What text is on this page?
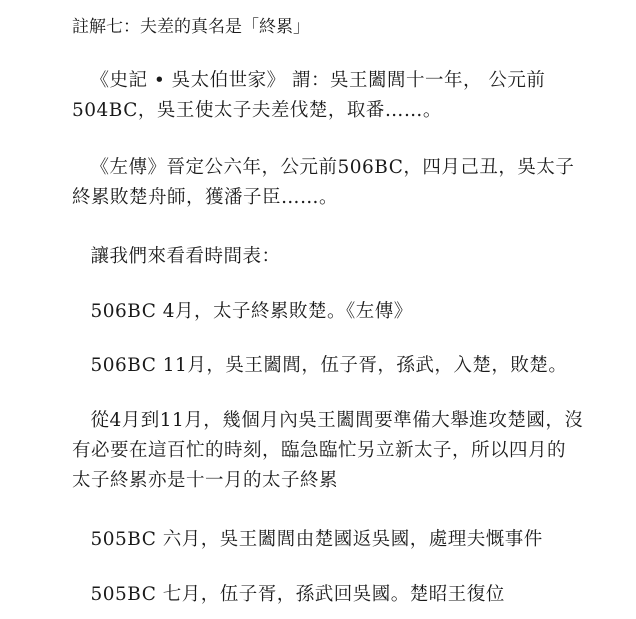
註解七：夫差的真名是「終累」
《史記 • 吳太伯世家》 謂：吳王闔閭十一年， 公元前
504BC，吳王使太子夫差伐楚，取番……。
《左傳》晉定公六年，公元前506BC，四月己丑，吳太子
終累敗楚舟師，獲潘子臣……。
讓我們來看看時間表：
506BC 4月，太子終累敗楚。《左傳》
506BC 11月，吳王闔閭，伍子胥，孫武，入楚，敗楚。
從4月到11月，幾個月內吳王闔閭要準備大舉進攻楚國，沒
有必要在這百忙的時刻，臨急臨忙另立新太子，所以四月的
太子終累亦是十一月的太子終累
505BC 六月，吳王闔閭由楚國返吳國，處理夫慨事件
505BC 七月，伍子胥，孫武回吳國。楚昭王復位
